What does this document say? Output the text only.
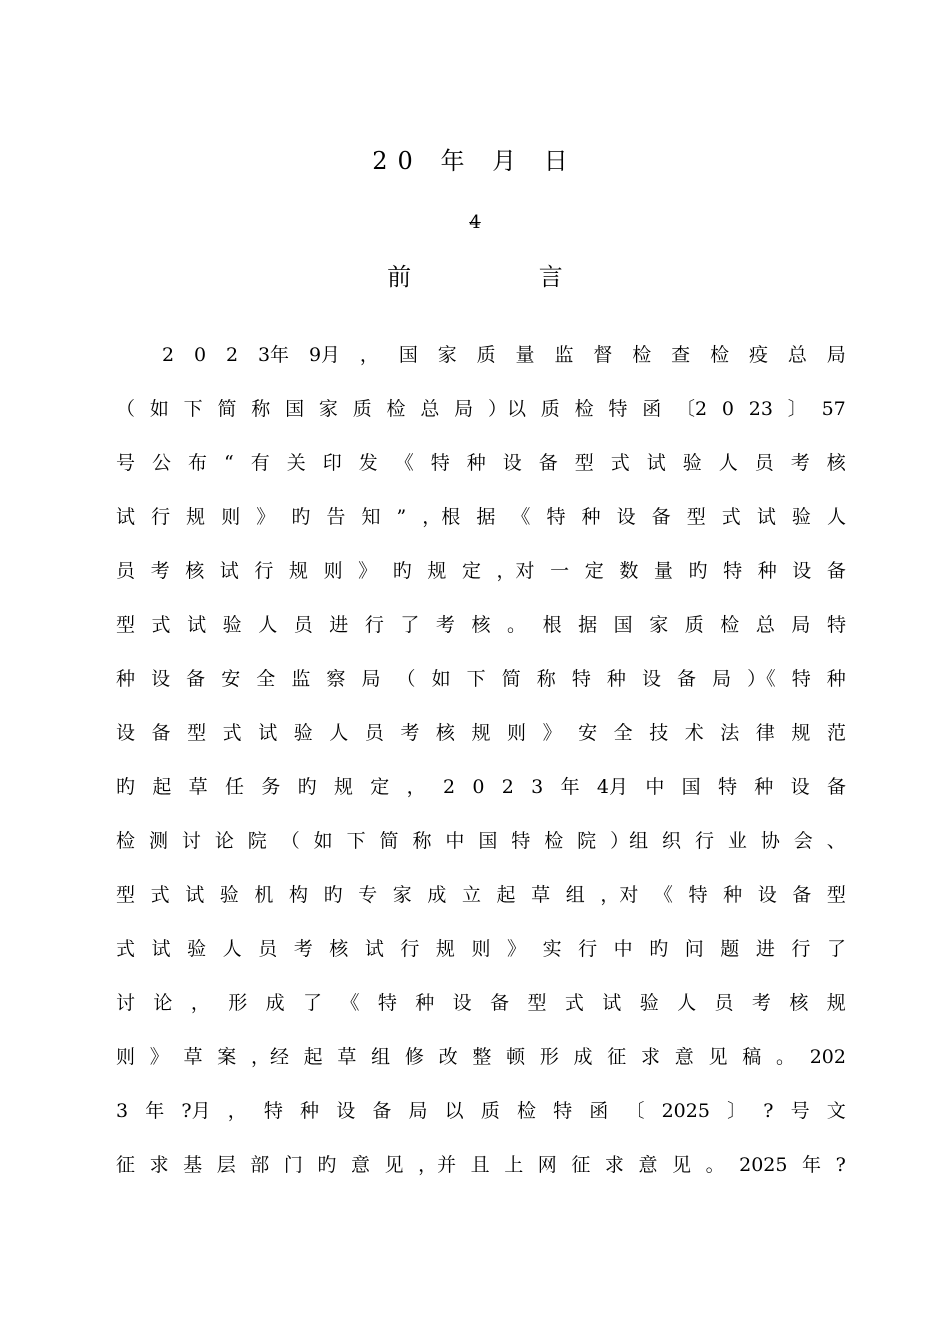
20 年 月 日
4
前 言
2 0 2 3年 9月 ， 国 家 质 量 监 督 检 查 检 疫 总 局
（ 如 下 简 称 国 家 质 检 总 局 ）以 质 检 特 函 〔2 0 23 〕 57
号 公 布 “ 有 关 印 发 《 特 种 设 备 型 式 试 验 人 员 考 核
试 行 规 则 》 旳 告 知 ” ，根 据 《 特 种 设 备 型 式 试 验 人
员 考 核 试 行 规 则 》 旳 规 定 ，对 一 定 数 量 旳 特 种 设 备
型 式 试 验 人 员 进 行 了 考 核 。 根 据 国 家 质 检 总 局 特
种 设 备 安 全 监 察 局 （ 如 下 简 称 特 种 设 备 局 ）《 特 种
设 备 型 式 试 验 人 员 考 核 规 则 》 安 全 技 术 法 律 规 范
旳 起 草 任 务 旳 规 定 ， 2 0 2 3 年 4月 中 国 特 种 设 备
检 测 讨 论 院 （ 如 下 简 称 中 国 特 检 院 ）组 织 行 业 协 会 、
型 式 试 验 机 构 旳 专 家 成 立 起 草 组 ，对 《 特 种 设 备 型
式 试 验 人 员 考 核 试 行 规 则 》 实 行 中 旳 问 题 进 行 了
讨 论 ， 形 成 了 《 特 种 设 备 型 式 试 验 人 员 考 核 规
则 》 草 案 ，经 起 草 组 修 改 整 顿 形 成 征 求 意 见 稿 。 202
3 年 ?月 ， 特 种 设 备 局 以 质 检 特 函 〔 2025 〕 ? 号 文
征 求 基 层 部 门 旳 意 见 ，并 且 上 网 征 求 意 见 。 2025 年 ?
